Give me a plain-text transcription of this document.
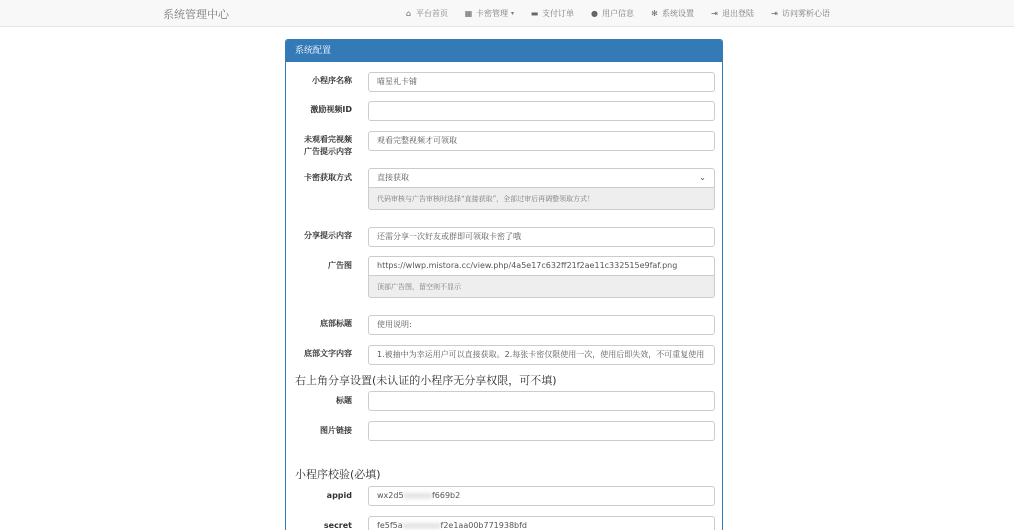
系统管理中心	⌂ 平台首页 ▦ 卡密管理 ▾ ▬ 支付订单 ● 用户信息 ✻ 系统设置 ⇥ 退出登陆 ⇥ 访问雾析心语
系统配置
小程序名称	喵星礼卡铺
激励视频ID
未观看完视频
广告提示内容
观看完整视频才可领取
卡密获取方式	直接获取	⌄
代码审核与广告审核时选择“直接获取”，全部过审后再调整领取方式！
分享提示内容	还需分享一次好友或群即可领取卡密了哦
广告图	https://wlwp.mistora.cc/view.php/4a5e17c632ff21f2ae11c332515e9faf.png
顶部广告图，留空则不显示
底部标题	使用说明:
底部文字内容	1.被抽中为幸运用户可以直接获取。2.每张卡密仅限使用一次，使用后即失效，不可重复使用
右上角分享设置(未认证的小程序无分享权限，可不填)
标题
图片链接
小程序校验(必填)
appid	wx2d5xxxxxxf669b2
secret	fe5f5axxxxxxxxf2e1aa00b771938bfd
